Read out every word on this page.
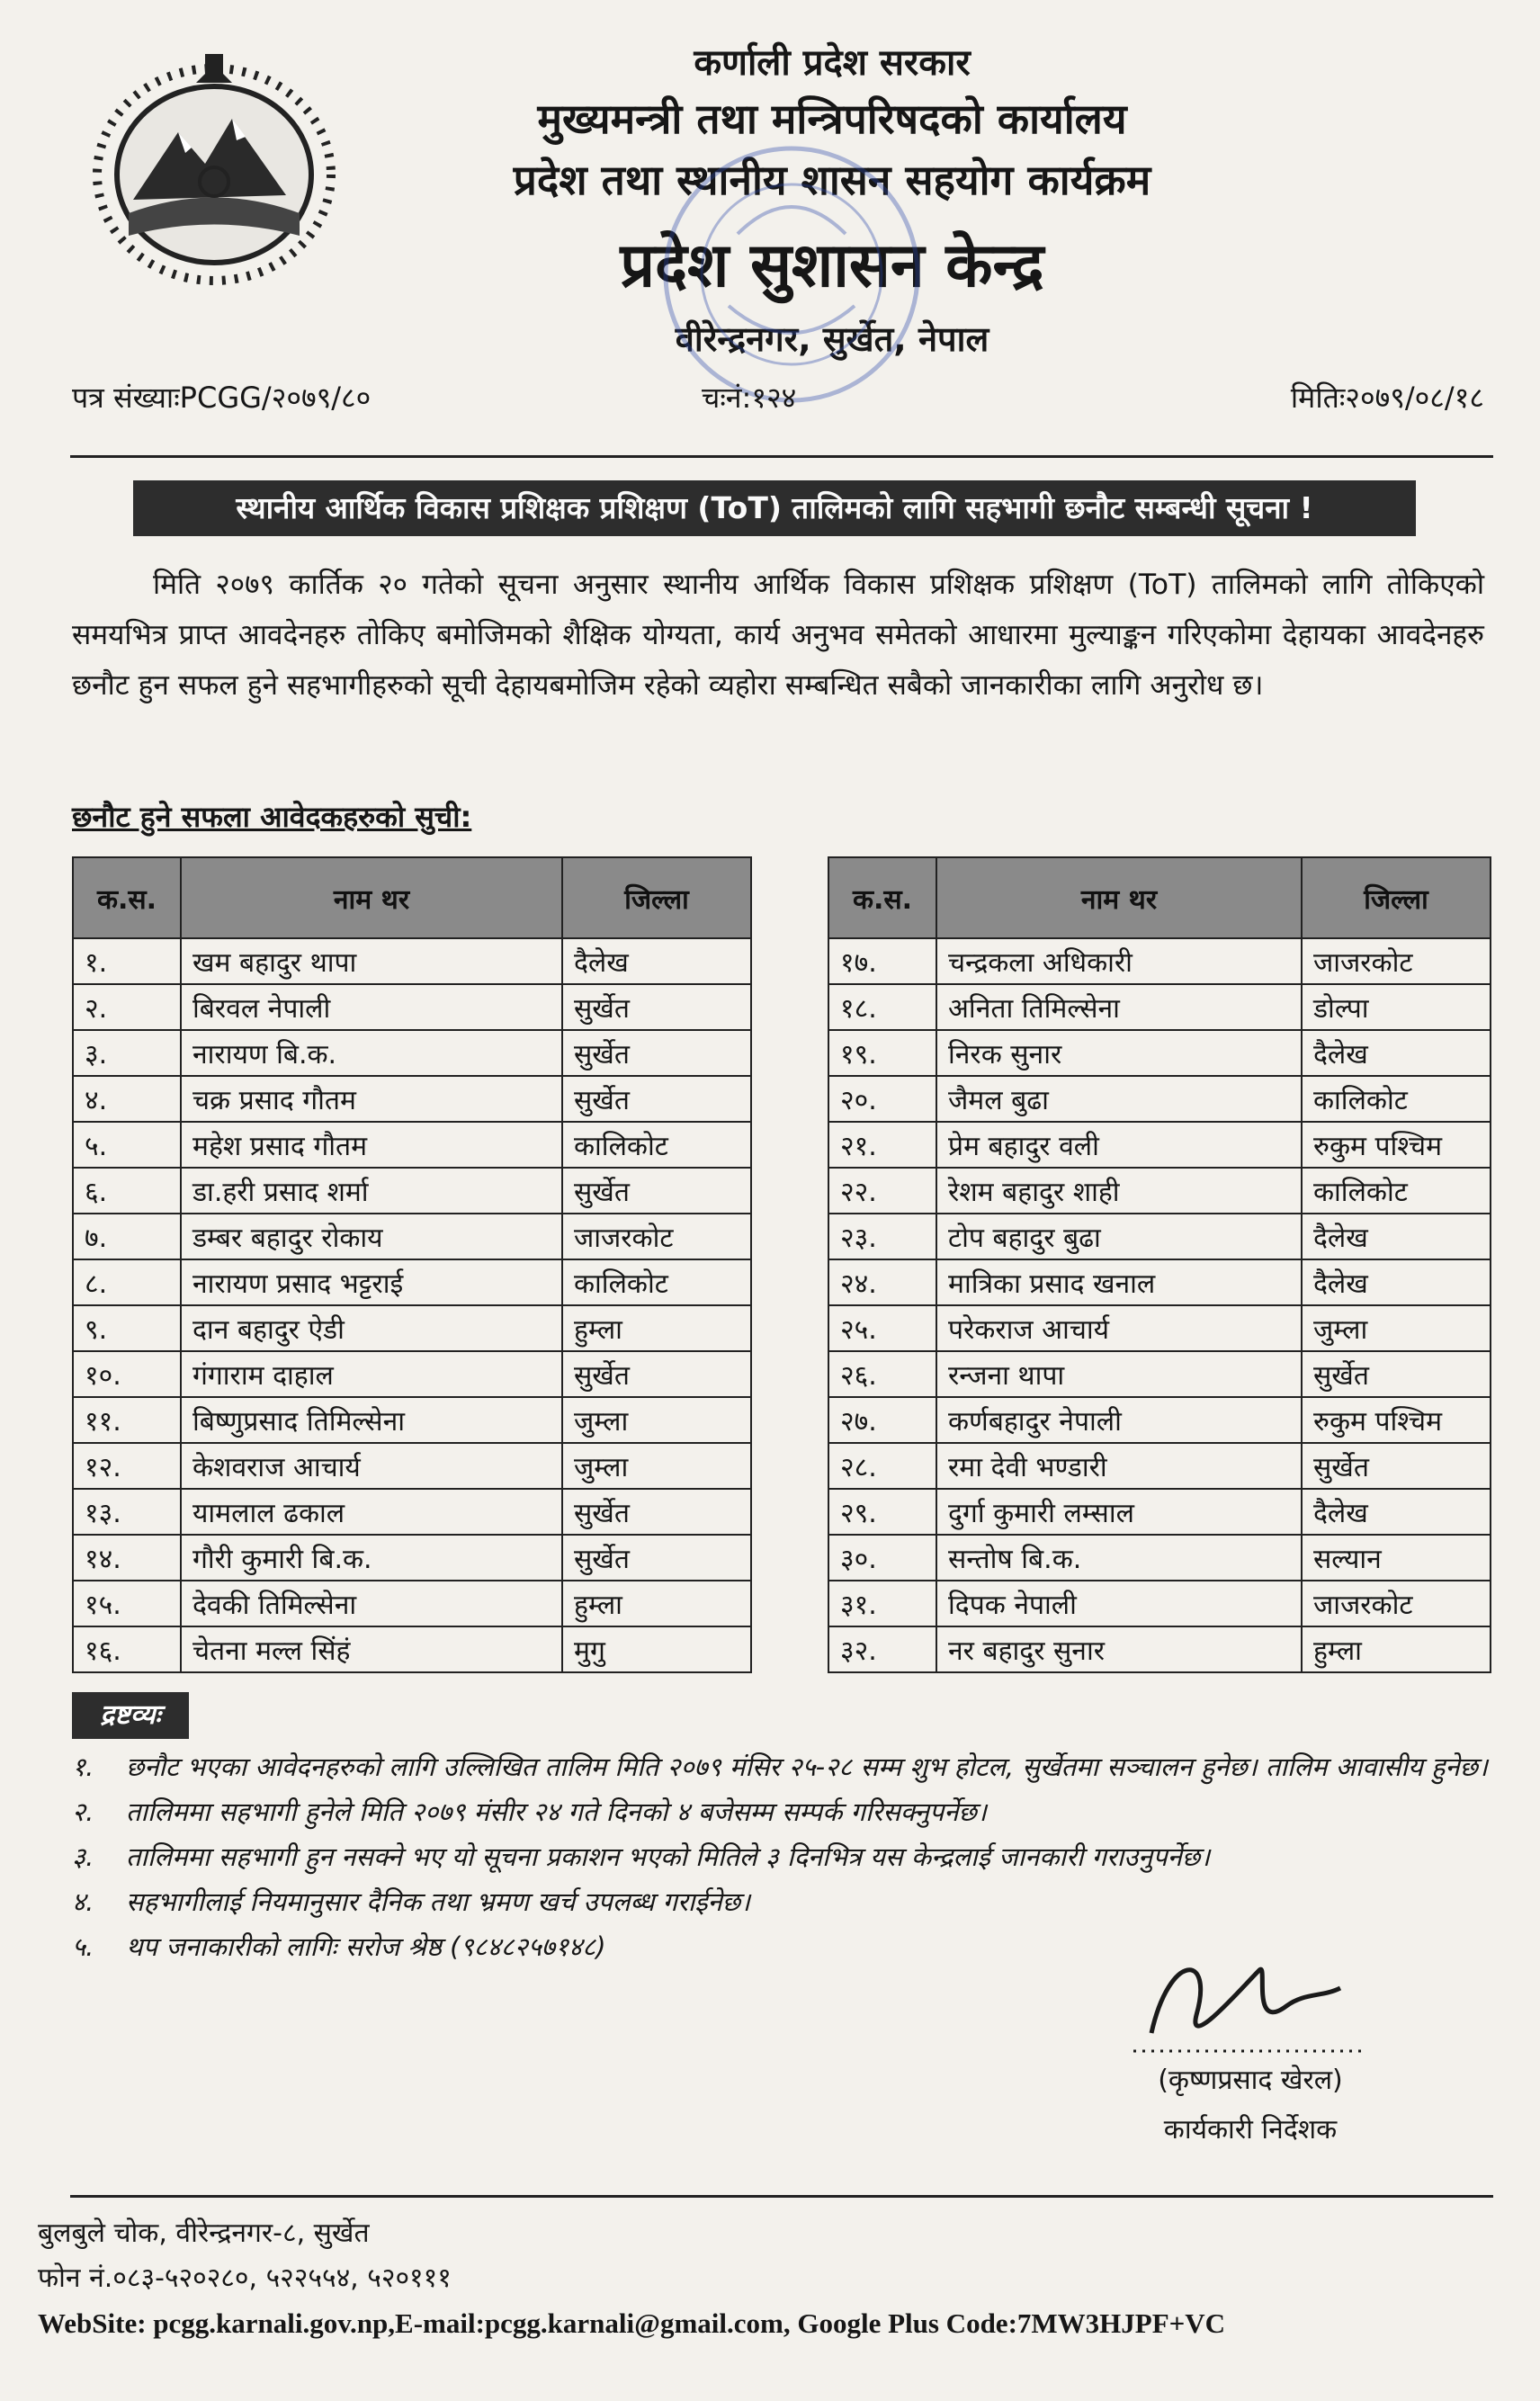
कर्णाली प्रदेश सरकार
मुख्यमन्त्री तथा मन्त्रिपरिषदको कार्यालय
प्रदेश तथा स्थानीय शासन सहयोग कार्यक्रम
प्रदेश सुशासन केन्द्र
वीरेन्द्रनगर, सुर्खेत, नेपाल
पत्र संख्याःPCGG/२०७९/८०	चःनं:१२४	मितिः२०७९/०८/१८
स्थानीय आर्थिक विकास प्रशिक्षक प्रशिक्षण (ToT) तालिमको लागि सहभागी छनौट सम्बन्धी सूचना !
मिति २०७९ कार्तिक २० गतेको सूचना अनुसार स्थानीय आर्थिक विकास प्रशिक्षक प्रशिक्षण (ToT) तालिमको लागि तोकिएको समयभित्र प्राप्त आवदेनहरु तोकिए बमोजिमको शैक्षिक योग्यता, कार्य अनुभव समेतको आधारमा मुल्याङ्कन गरिएकोमा देहायका आवदेनहरु छनौट हुन सफल हुने सहभागीहरुको सूची देहायबमोजिम रहेको व्यहोरा सम्बन्धित सबैको जानकारीका लागि अनुरोध छ।
छनौट हुने सफला आवेदकहरुको सुची:
क.स.	नाम थर	जिल्ला
१.	खम बहादुर थापा	दैलेख
२.	बिरवल नेपाली	सुर्खेत
३.	नारायण बि.क.	सुर्खेत
४.	चक्र प्रसाद गौतम	सुर्खेत
५.	महेश प्रसाद गौतम	कालिकोट
६.	डा.हरी प्रसाद शर्मा	सुर्खेत
७.	डम्बर बहादुर रोकाय	जाजरकोट
८.	नारायण प्रसाद भट्टराई	कालिकोट
९.	दान बहादुर ऐडी	हुम्ला
१०.	गंगाराम दाहाल	सुर्खेत
११.	बिष्णुप्रसाद तिमिल्सेना	जुम्ला
१२.	केशवराज आचार्य	जुम्ला
१३.	यामलाल ढकाल	सुर्खेत
१४.	गौरी कुमारी बि.क.	सुर्खेत
१५.	देवकी तिमिल्सेना	हुम्ला
१६.	चेतना मल्ल सिंहं	मुगु
क.स.	नाम थर	जिल्ला
१७.	चन्द्रकला अधिकारी	जाजरकोट
१८.	अनिता तिमिल्सेना	डोल्पा
१९.	निरक सुनार	दैलेख
२०.	जैमल बुढा	कालिकोट
२१.	प्रेम बहादुर वली	रुकुम पश्चिम
२२.	रेशम बहादुर शाही	कालिकोट
२३.	टोप बहादुर बुढा	दैलेख
२४.	मात्रिका प्रसाद खनाल	दैलेख
२५.	परेकराज आचार्य	जुम्ला
२६.	रन्जना थापा	सुर्खेत
२७.	कर्णबहादुर नेपाली	रुकुम पश्चिम
२८.	रमा देवी भण्डारी	सुर्खेत
२९.	दुर्गा कुमारी लम्साल	दैलेख
३०.	सन्तोष बि.क.	सल्यान
३१.	दिपक नेपाली	जाजरकोट
३२.	नर बहादुर सुनार	हुम्ला
द्रष्टव्यः
१. छनौट भएका आवेदनहरुको लागि उल्लिखित तालिम मिति २०७९ मंसिर २५-२८ सम्म शुभ होटल, सुर्खेतमा सञ्चालन हुनेछ। तालिम आवासीय हुनेछ।
२. तालिममा सहभागी हुनेले मिति २०७९ मंसीर २४ गते दिनको ४ बजेसम्म सम्पर्क गरिसक्नुपर्नेछ।
३. तालिममा सहभागी हुन नसक्ने भए यो सूचना प्रकाशन भएको मितिले ३ दिनभित्र यस केन्द्रलाई जानकारी गराउनुपर्नेछ।
४. सहभागीलाई नियमानुसार दैनिक तथा भ्रमण खर्च उपलब्ध गराईनेछ।
५. थप जनाकारीको लागिः सरोज श्रेष्ठ (९८४८२५७१४८)
(कृष्णप्रसाद खेरल)
कार्यकारी निर्देशक
बुलबुले चोक, वीरेन्द्रनगर-८, सुर्खेत
फोन नं.०८३-५२०२८०, ५२२५५४, ५२०१११
WebSite: pcgg.karnali.gov.np,E-mail:pcgg.karnali@gmail.com, Google Plus Code:7MW3HJPF+VC
